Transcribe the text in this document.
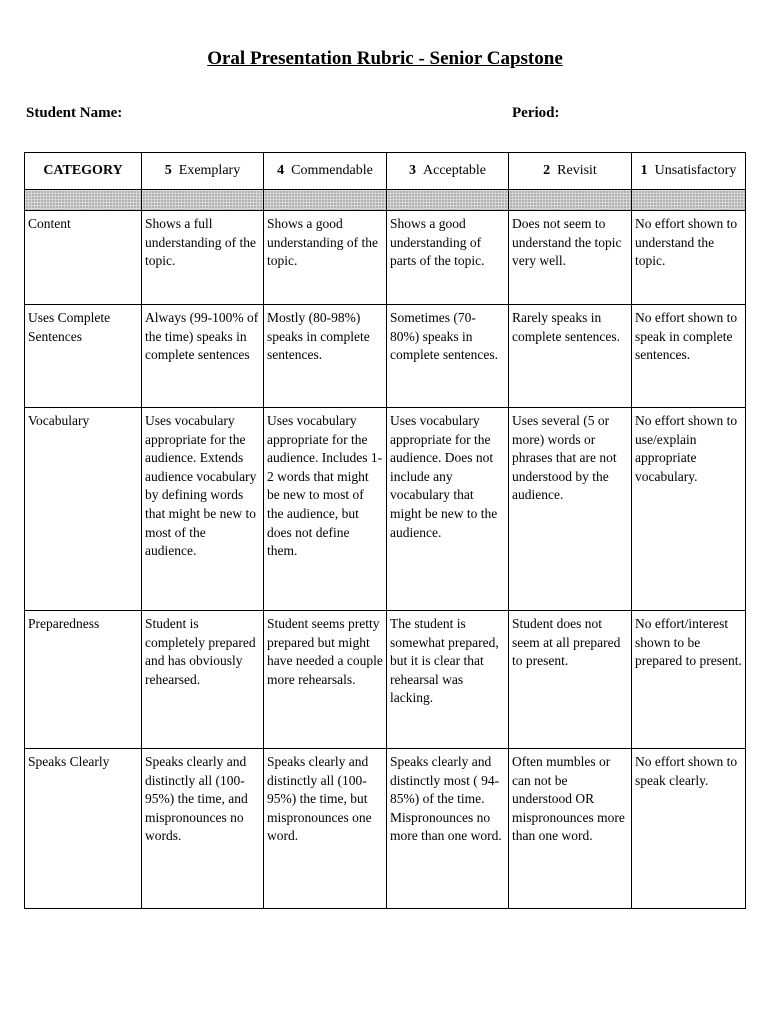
Oral Presentation Rubric - Senior Capstone
Student Name:	Period:
CATEGORY	5 Exemplary	4 Commendable	3 Acceptable	2 Revisit	1 Unsatisfactory

Content	Shows a full understanding of the topic.	Shows a good understanding of the topic.	Shows a good understanding of parts of the topic.	Does not seem to understand the topic very well.	No effort shown to understand the topic.
Uses Complete Sentences	Always (99-100% of the time) speaks in complete sentences	Mostly (80-98%) speaks in complete sentences.	Sometimes (70-80%) speaks in complete sentences.	Rarely speaks in complete sentences.	No effort shown to speak in complete sentences.
Vocabulary	Uses vocabulary appropriate for the audience. Extends audience vocabulary by defining words that might be new to most of the audience.	Uses vocabulary appropriate for the audience. Includes 1-2 words that might be new to most of the audience, but does not define them.	Uses vocabulary appropriate for the audience. Does not include any vocabulary that might be new to the audience.	Uses several (5 or more) words or phrases that are not understood by the audience.	No effort shown to use/explain appropriate vocabulary.
Preparedness	Student is completely prepared and has obviously rehearsed.	Student seems pretty prepared but might have needed a couple more rehearsals.	The student is somewhat prepared, but it is clear that rehearsal was lacking.	Student does not seem at all prepared to present.	No effort/interest shown to be prepared to present.
Speaks Clearly	Speaks clearly and distinctly all (100-95%) the time, and mispronounces no words.	Speaks clearly and distinctly all (100-95%) the time, but mispronounces one word.	Speaks clearly and distinctly most ( 94-85%) of the time. Mispronounces no more than one word.	Often mumbles or can not be understood OR mispronounces more than one word.	No effort shown to speak clearly.
